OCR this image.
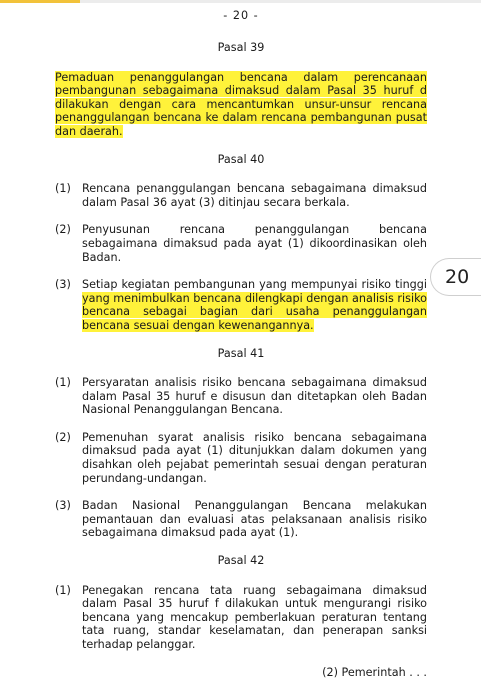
- 20 -
Pasal 39
Pemaduan penanggulangan bencana dalam perencanaan pembangunan sebagaimana dimaksud dalam Pasal 35 huruf d dilakukan dengan cara mencantumkan unsur-unsur rencana penanggulangan bencana ke dalam rencana pembangunan pusat dan daerah.
Pasal 40
(1) Rencana penanggulangan bencana sebagaimana dimaksud dalam Pasal 36 ayat (3) ditinjau secara berkala.
(2) Penyusunan rencana penanggulangan bencana sebagaimana dimaksud pada ayat (1) dikoordinasikan oleh Badan.
(3) Setiap kegiatan pembangunan yang mempunyai risiko tinggi yang menimbulkan bencana dilengkapi dengan analisis risiko bencana sebagai bagian dari usaha penanggulangan bencana sesuai dengan kewenangannya.
Pasal 41
(1) Persyaratan analisis risiko bencana sebagaimana dimaksud dalam Pasal 35 huruf e disusun dan ditetapkan oleh Badan Nasional Penanggulangan Bencana.
(2) Pemenuhan syarat analisis risiko bencana sebagaimana dimaksud pada ayat (1) ditunjukkan dalam dokumen yang disahkan oleh pejabat pemerintah sesuai dengan peraturan perundang-undangan.
(3) Badan Nasional Penanggulangan Bencana melakukan pemantauan dan evaluasi atas pelaksanaan analisis risiko sebagaimana dimaksud pada ayat (1).
Pasal 42
(1) Penegakan rencana tata ruang sebagaimana dimaksud dalam Pasal 35 huruf f dilakukan untuk mengurangi risiko bencana yang mencakup pemberlakuan peraturan tentang tata ruang, standar keselamatan, dan penerapan sanksi terhadap pelanggar.
(2) Pemerintah . . .
20
